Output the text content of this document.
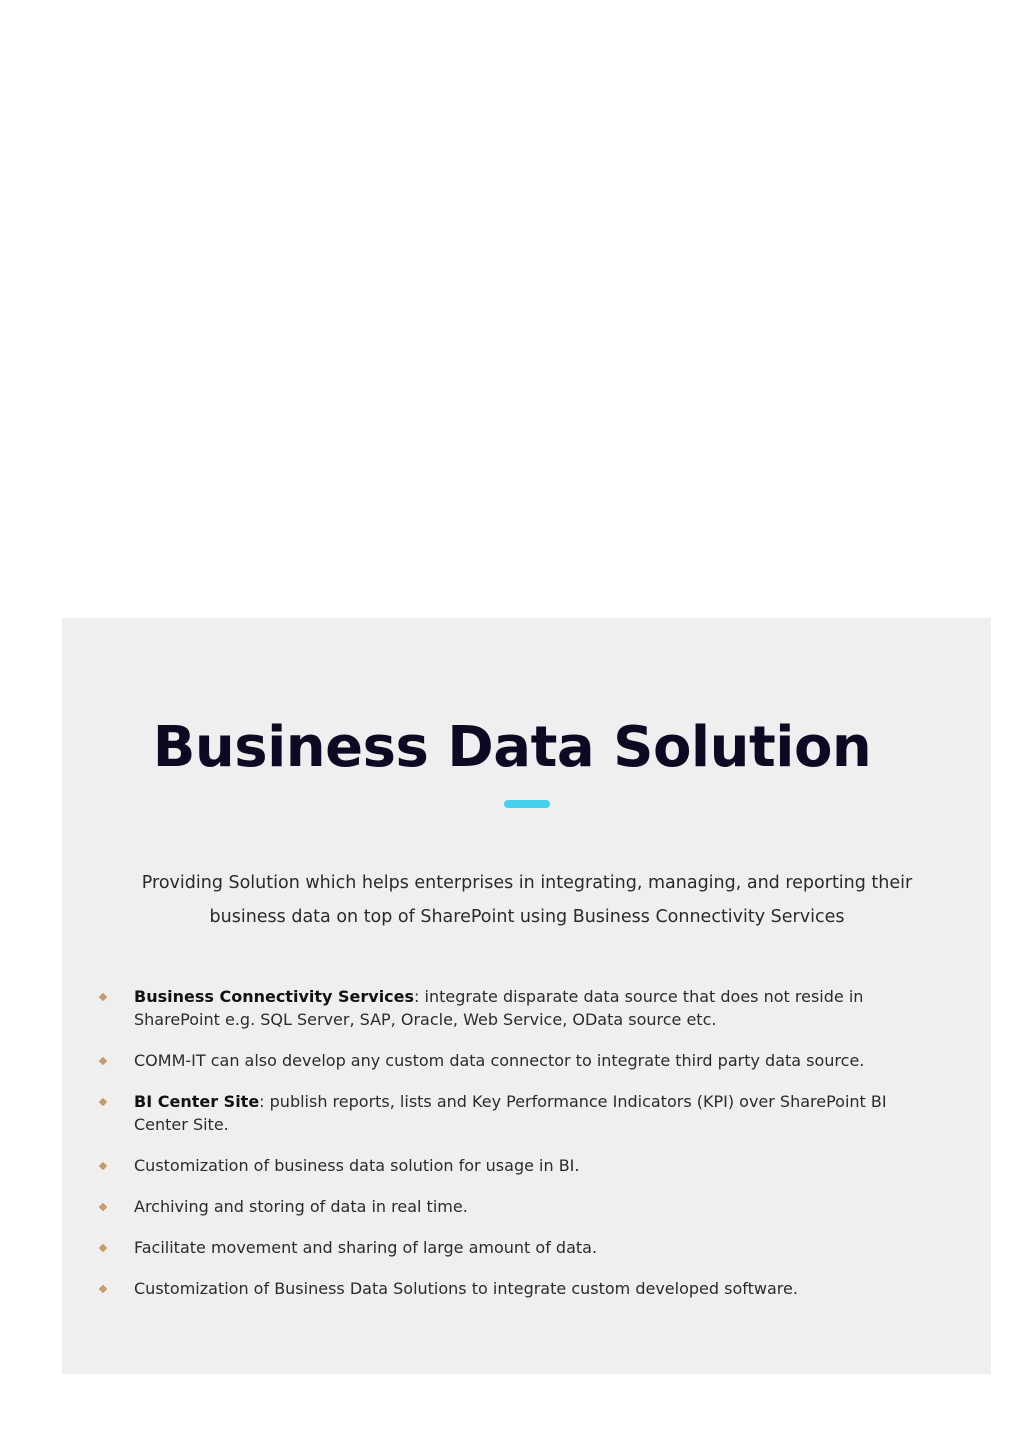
Business Data Solution

Providing Solution which helps enterprises in integrating, managing, and reporting their business data on top of SharePoint using Business Connectivity Services

Business Connectivity Services: integrate disparate data source that does not reside in SharePoint e.g. SQL Server, SAP, Oracle, Web Service, OData source etc.
COMM-IT can also develop any custom data connector to integrate third party data source.
BI Center Site: publish reports, lists and Key Performance Indicators (KPI) over SharePoint BI Center Site.
Customization of business data solution for usage in BI.
Archiving and storing of data in real time.
Facilitate movement and sharing of large amount of data.
Customization of Business Data Solutions to integrate custom developed software.
